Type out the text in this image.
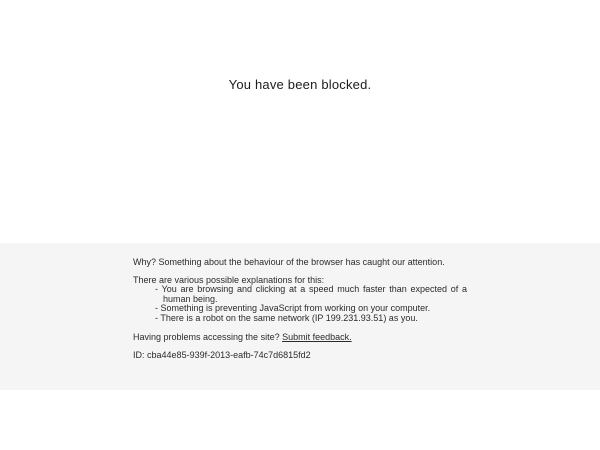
You have been blocked.

Why? Something about the behaviour of the browser has caught our attention.

There are various possible explanations for this:

- You are browsing and clicking at a speed much faster than expected of a human being.
- Something is preventing JavaScript from working on your computer.
- There is a robot on the same network (IP 199.231.93.51) as you.

Having problems accessing the site? Submit feedback.

ID: cba44e85-939f-2013-eafb-74c7d6815fd2
